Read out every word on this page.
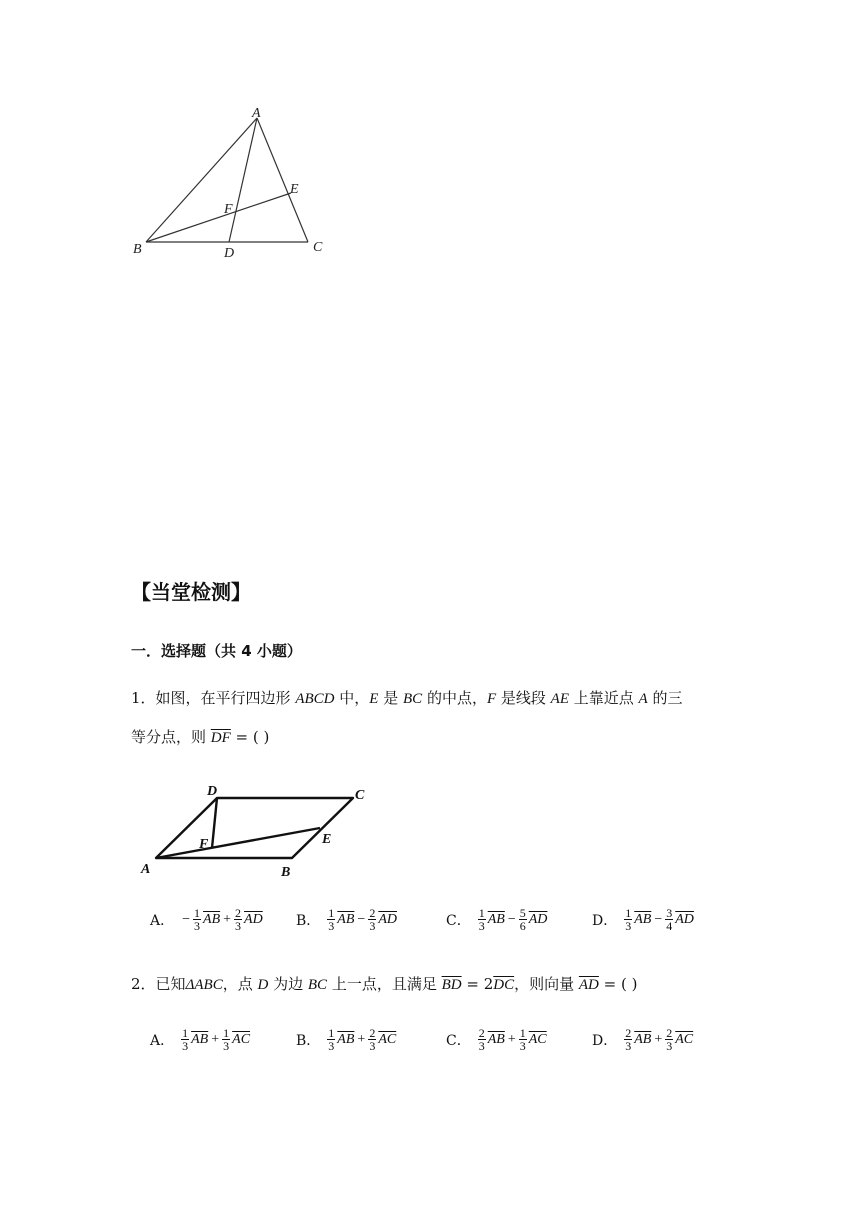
A
B	C
D
E
F
【当堂检测】
一．选择题（共 4 小题）
1．如图，在平行四边形 ABCD 中，E 是 BC 的中点，F 是线段 AE 上靠近点 A 的三
等分点，则 $\overline{DF}$ = ( )
A	B
C
D
E
F
A． − $\frac{1}{3} \overline{AB} + \frac{2}{3} \overline{AD}$ B． $\frac{1}{3} \overline{AB} - \frac{2}{3} \overline{AD}$	C． $\frac{1}{3} \overline{AB} - \frac{5}{6} \overline{AD}$	D． $\frac{1}{3} \overline{AB} - \frac{3}{4} \overline{AD}$
2．已知ΔABC，点 D 为边 BC 上一点，且满足 $\overline{BD} = 2\overline{DC}$，则向量 $\overline{AD}$ = ( )
A． $\frac{1}{3} \overline{AB} + \frac{1}{3} \overline{AC}$	B． $\frac{1}{3} \overline{AB} + \frac{2}{3} \overline{AC}$	C． $\frac{2}{3} \overline{AB} + \frac{1}{3} \overline{AC}$	D． $\frac{2}{3} \overline{AB} + \frac{2}{3} \overline{AC}$
